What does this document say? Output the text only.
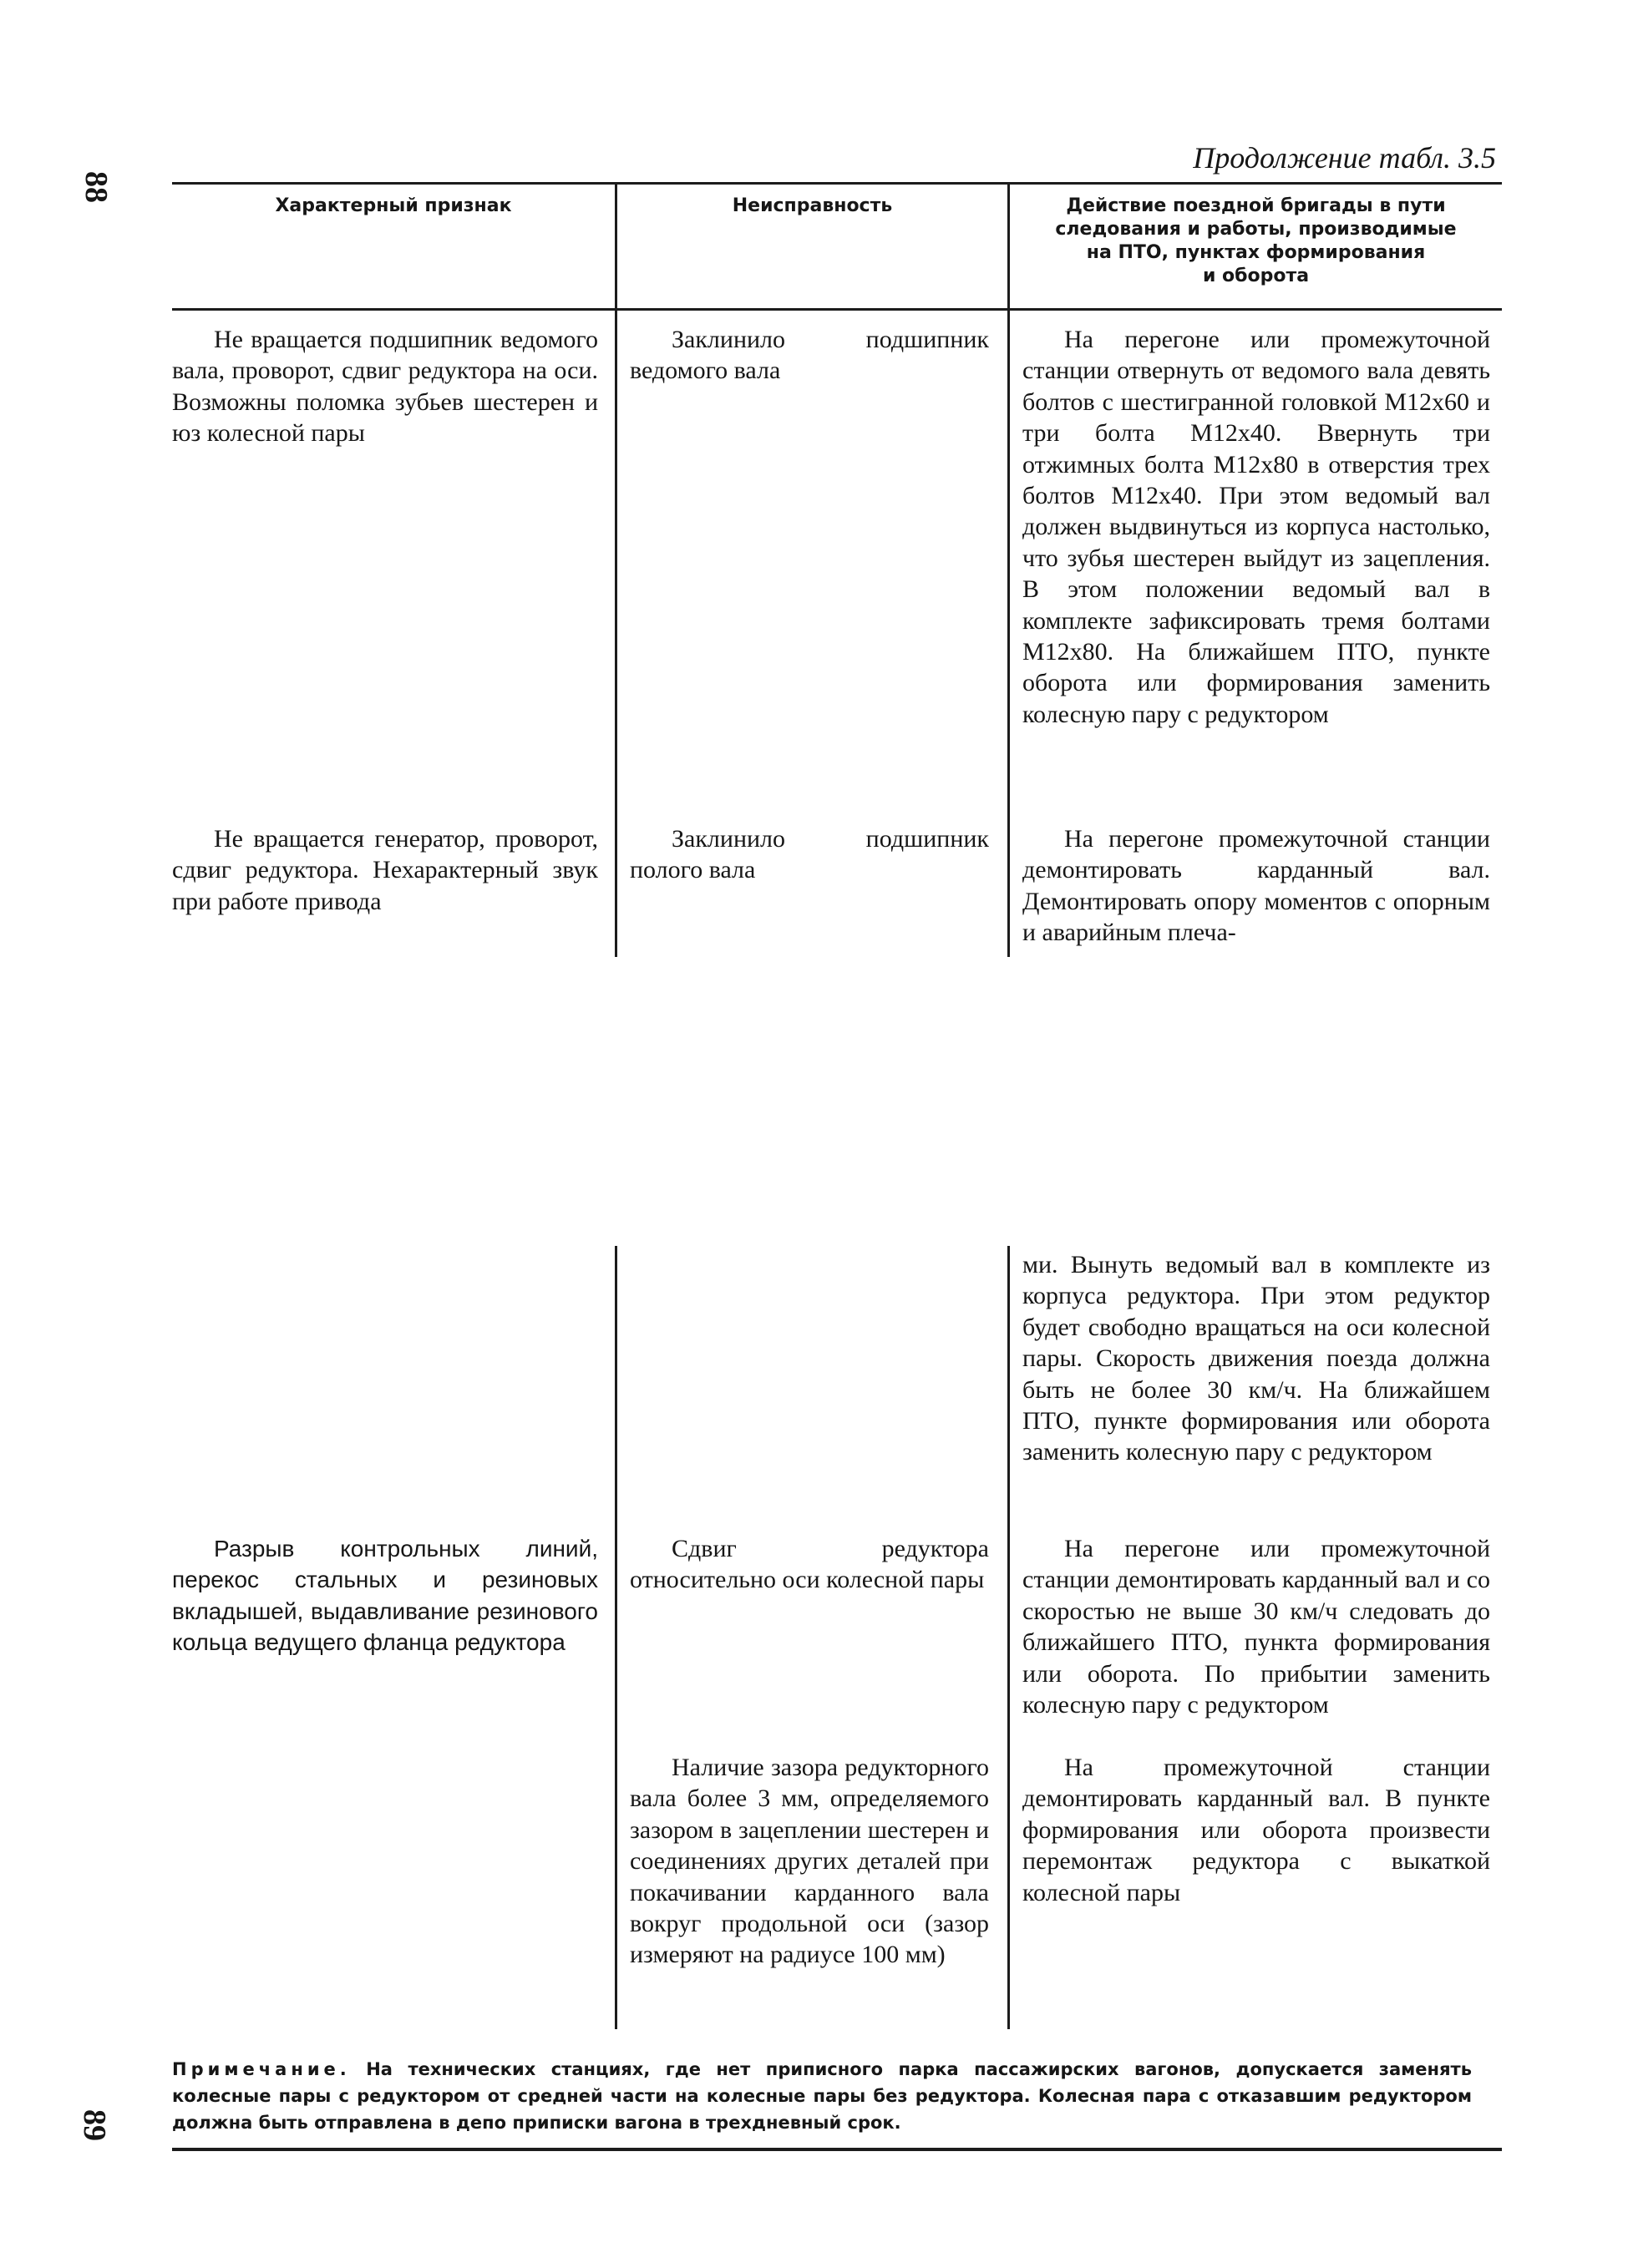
88
89
Продолжение табл. 3.5
Характерный признак	Неисправность	Действие поездной бригады в пути
следования и работы, производимые
на ПТО, пунктах формирования
и оборота

Не вращается подшипник ведомого вала, проворот, сдвиг редуктора на оси. Возможны поломка зубьев шестерен и юз колесной пары

Заклинило подшипник ведомого вала

На перегоне или промежуточной станции отвернуть от ведомого вала девять болтов с шестигранной головкой М12х60 и три болта М12х40. Ввернуть три отжимных болта М12х80 в отверстия трех болтов М12х40. При этом ведомый вал должен выдвинуться из корпуса настолько, что зубья шестерен выйдут из зацепления. В этом положении ведомый вал в комплекте зафиксировать тремя болтами М12х80. На ближайшем ПТО, пункте оборота или формирования заменить колесную пару с редуктором

Не вращается генератор, проворот, сдвиг редуктора. Нехарактерный звук при работе привода

Заклинило подшипник полого вала

На перегоне промежуточной станции демонтировать карданный вал. Демонтировать опору моментов с опорным и аварийным плеча-

ми. Вынуть ведомый вал в комплекте из корпуса редуктора. При этом редуктор будет свободно вращаться на оси колесной пары. Скорость движения поезда должна быть не более 30 км/ч. На ближайшем ПТО, пункте формирования или оборота заменить колесную пару с редуктором

Разрыв контрольных линий, перекос стальных и резиновых вкладышей, выдавливание резинового кольца ведущего фланца редуктора

Сдвиг редуктора относительно оси колесной пары

На перегоне или промежуточной станции демонтировать карданный вал и со скоростью не выше 30 км/ч следовать до ближайшего ПТО, пункта формирования или оборота. По прибытии заменить колесную пару с редуктором

Наличие зазора редукторного вала более 3 мм, определяемого зазором в зацеплении шестерен и соединениях других деталей при покачивании карданного вала вокруг продольной оси (зазор измеряют на радиусе 100 мм)

На промежуточной станции демонтировать карданный вал. В пункте формирования или оборота произвести перемонтаж редуктора с выкаткой колесной пары

Примечание. На технических станциях, где нет приписного парка пассажирских вагонов, допускается заменять колесные пары с редуктором от средней части на колесные пары без редуктора. Колесная пара с отказавшим редуктором должна быть отправлена в депо приписки вагона в трехдневный срок.
